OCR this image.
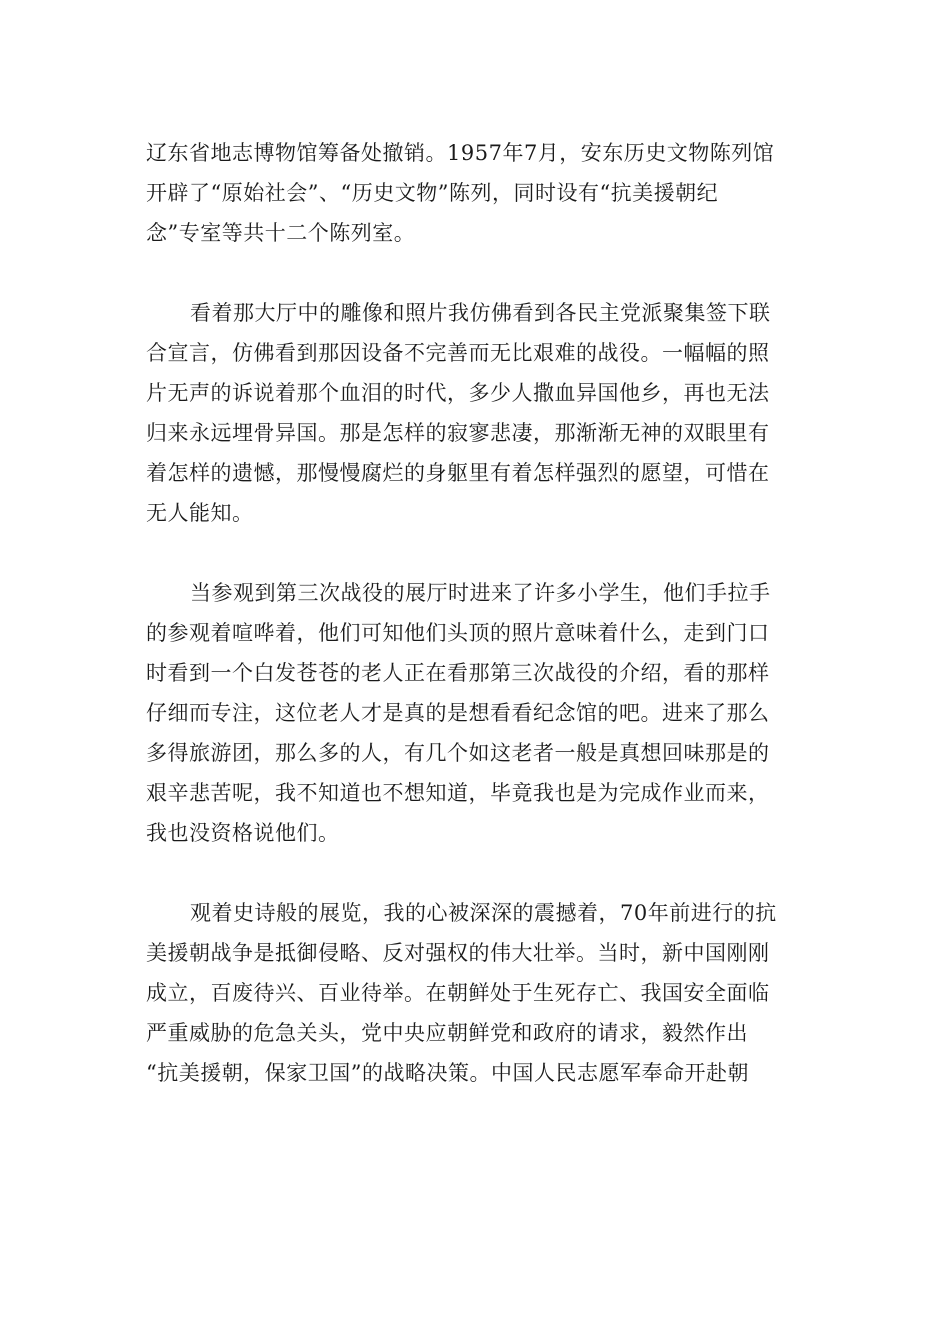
辽东省地志博物馆筹备处撤销。1957年7月，安东历史文物陈列馆
开辟了“原始社会”、“历史文物”陈列，同时设有“抗美援朝纪
念”专室等共十二个陈列室。
看着那大厅中的雕像和照片我仿佛看到各民主党派聚集签下联
合宣言，仿佛看到那因设备不完善而无比艰难的战役。一幅幅的照
片无声的诉说着那个血泪的时代，多少人撒血异国他乡，再也无法
归来永远埋骨异国。那是怎样的寂寥悲凄，那渐渐无神的双眼里有
着怎样的遗憾，那慢慢腐烂的身躯里有着怎样强烈的愿望，可惜在
无人能知。
当参观到第三次战役的展厅时进来了许多小学生，他们手拉手
的参观着喧哗着，他们可知他们头顶的照片意味着什么，走到门口
时看到一个白发苍苍的老人正在看那第三次战役的介绍，看的那样
仔细而专注，这位老人才是真的是想看看纪念馆的吧。进来了那么
多得旅游团，那么多的人，有几个如这老者一般是真想回味那是的
艰辛悲苦呢，我不知道也不想知道，毕竟我也是为完成作业而来，
我也没资格说他们。
观着史诗般的展览，我的心被深深的震撼着，70年前进行的抗
美援朝战争是抵御侵略、反对强权的伟大壮举。当时，新中国刚刚
成立，百废待兴、百业待举。在朝鲜处于生死存亡、我国安全面临
严重威胁的危急关头，党中央应朝鲜党和政府的请求，毅然作出
“抗美援朝，保家卫国”的战略决策。中国人民志愿军奉命开赴朝
